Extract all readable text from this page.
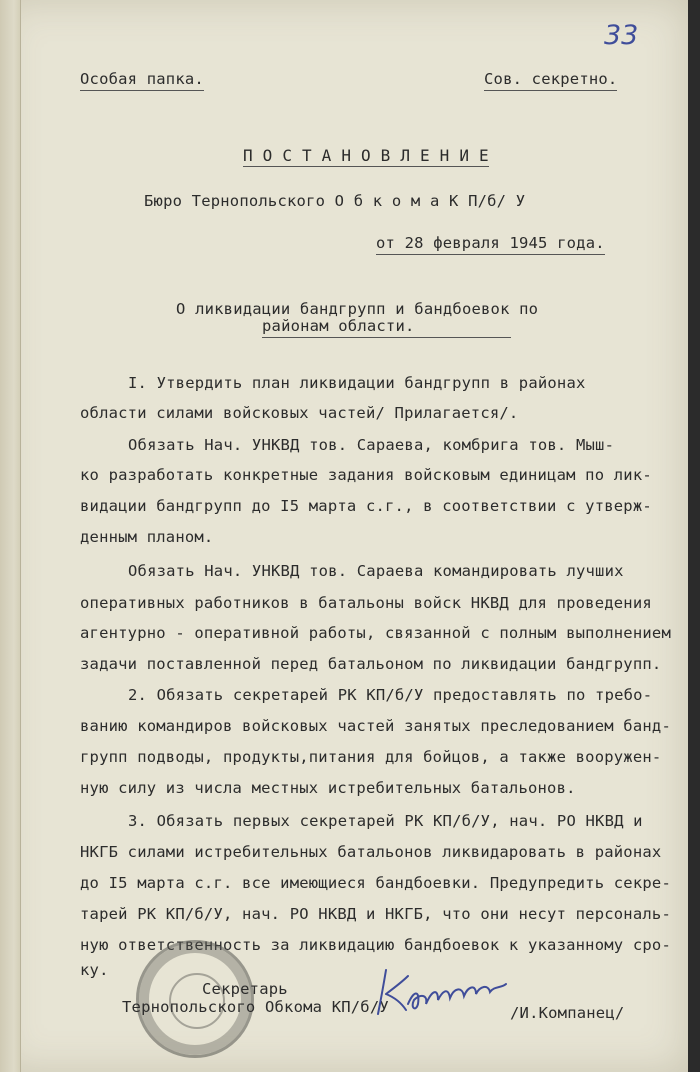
33
Особая папка.	Сов. секретно.
П О С Т А Н О В Л Е Н И Е
Бюро Тернопольского О б к о м а К П/б/ У
от 28 февраля 1945 года.
О ликвидации бандгрупп и бандбоевок по
районам области.
I. Утвердить план ликвидации бандгрупп в районах
области силами войсковых частей/ Прилагается/.
Обязать Нач. УНКВД тов. Сараева, комбрига тов. Мыш-
ко разработать конкретные задания войсковым единицам по лик-
видации бандгрупп до I5 марта с.г., в соответствии с утверж-
денным планом.
Обязать Нач. УНКВД тов. Сараева командировать лучших
оперативных работников в батальоны войск НКВД для проведения
агентурно - оперативной работы, связанной с полным выполнением
задачи поставленной перед батальоном по ликвидации бандгрупп.
2. Обязать секретарей РК КП/б/У предоставлять по требо-
ванию командиров войсковых частей занятых преследованием банд-
групп подводы, продукты,питания для бойцов, а также вооружен-
ную силу из числа местных истребительных батальонов.
3. Обязать первых секретарей РК КП/б/У, нач. РО НКВД и
НКГБ силами истребительных батальонов ликвидаровать в районах
до I5 марта с.г. все имеющиеся бандбоевки. Предупредить секре-
тарей РК КП/б/У, нач. РО НКВД и НКГБ, что они несут персональ-
ную ответственность за ликвидацию бандбоевок к указанному сро-
ку.
Секретарь
Тернопольского Обкома КП/б/У	/И.Компанец/
